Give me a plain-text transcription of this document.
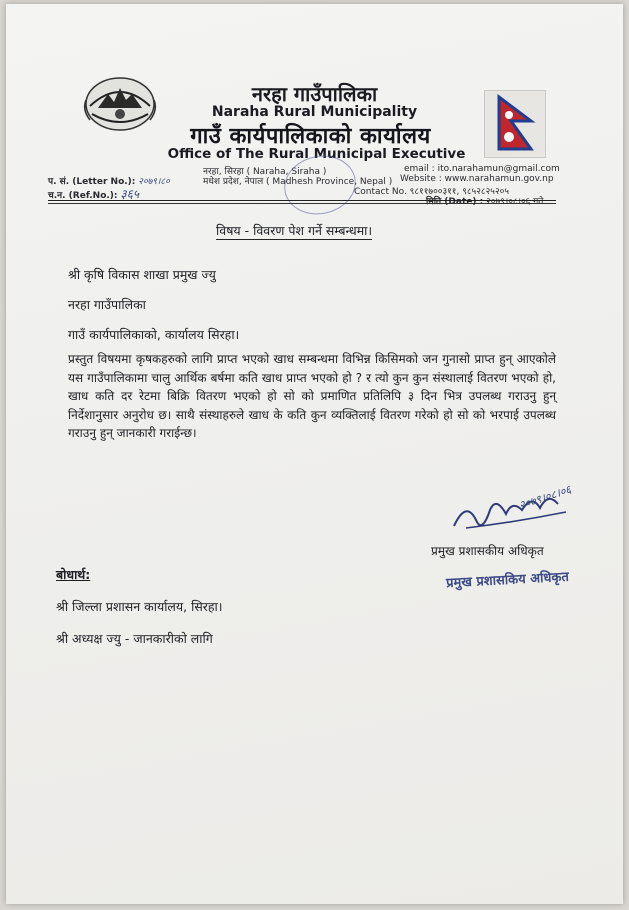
नरहा गाउँपालिका
Naraha Rural Municipality
गाउँ कार्यपालिकाको कार्यालय
Office of The Rural Municipal Executive
नरहा, सिरहा ( Naraha, Siraha )
मधेश प्रदेश, नेपाल ( Madhesh Province, Nepal )
email : ito.narahamun@gmail.com
Website : www.narahamun.gov.np
Contact No. ९८११७००३११, ९८५२८२५२०५
प. सं. (Letter No.): २०७९।८०
च.न. (Ref.No.): ३६५
मिति (Date) : २०७९।०८।०६ गते
विषय - विवरण पेश गर्ने सम्बन्धमा।
श्री कृषि विकास शाखा प्रमुख ज्यु
नरहा गाउँपालिका
गाउँ कार्यपालिकाको, कार्यालय सिरहा।
प्रस्तुत विषयमा कृषकहरुको लागि प्राप्त भएको खाध सम्बन्धमा विभिन्न किसिमको जन गुनासो प्राप्त हुन् आएकोले यस गाउँपालिकामा चालु आर्थिक बर्षमा कति खाध प्राप्त भएको हो ? र त्यो कुन कुन संस्थालाई वितरण भएको हो, खाध कति दर रेटमा बिक्रि वितरण भएको हो सो को प्रमाणित प्रतिलिपि ३ दिन भित्र उपलब्ध गराउनु हुन् निर्देशानुसार अनुरोध छ। साथै संस्थाहरुले खाध के कति कुन व्यक्तिलाई वितरण गरेको हो सो को भरपाई उपलब्ध गराउनु हुन् जानकारी गराईन्छ।
२०७९।०८।०६
प्रमुख प्रशासकीय अधिकृत
प्रमुख प्रशासकिय अधिकृत
बोधार्थ:
श्री जिल्ला प्रशासन कार्यालय, सिरहा।
श्री अध्यक्ष ज्यु - जानकारीको लागि
